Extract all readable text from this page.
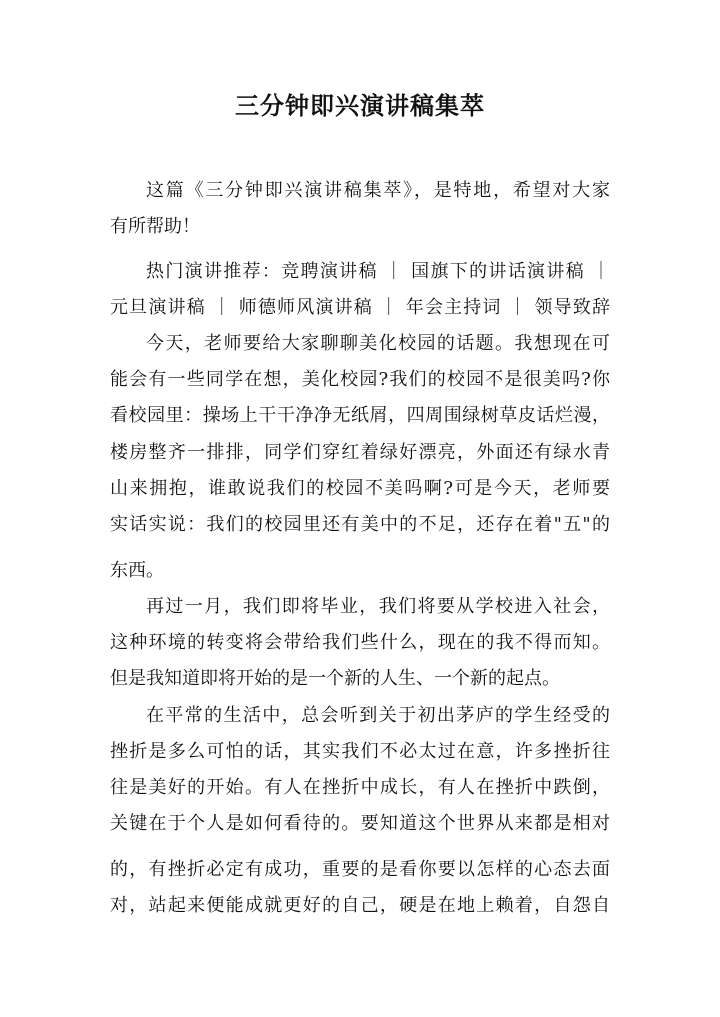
三分钟即兴演讲稿集萃
这篇《三分钟即兴演讲稿集萃》，是特地，希望对大家
有所帮助！
热门演讲推荐：竞聘演讲稿 ｜ 国旗下的讲话演讲稿 ｜
元旦演讲稿 ｜ 师德师风演讲稿 ｜ 年会主持词 ｜ 领导致辞
今天，老师要给大家聊聊美化校园的话题。我想现在可
能会有一些同学在想，美化校园?我们的校园不是很美吗?你
看校园里：操场上干干净净无纸屑，四周围绿树草皮话烂漫，
楼房整齐一排排，同学们穿红着绿好漂亮，外面还有绿水青
山来拥抱，谁敢说我们的校园不美吗啊?可是今天，老师要
实话实说：我们的校园里还有美中的不足，还存在着"五"的
东西。
再过一月，我们即将毕业，我们将要从学校进入社会，
这种环境的转变将会带给我们些什么，现在的我不得而知。
但是我知道即将开始的是一个新的人生、一个新的起点。
在平常的生活中，总会听到关于初出茅庐的学生经受的
挫折是多么可怕的话，其实我们不必太过在意，许多挫折往
往是美好的开始。有人在挫折中成长，有人在挫折中跌倒，
关键在于个人是如何看待的。要知道这个世界从来都是相对
的，有挫折必定有成功，重要的是看你要以怎样的心态去面
对，站起来便能成就更好的自己，硬是在地上赖着，自怨自
